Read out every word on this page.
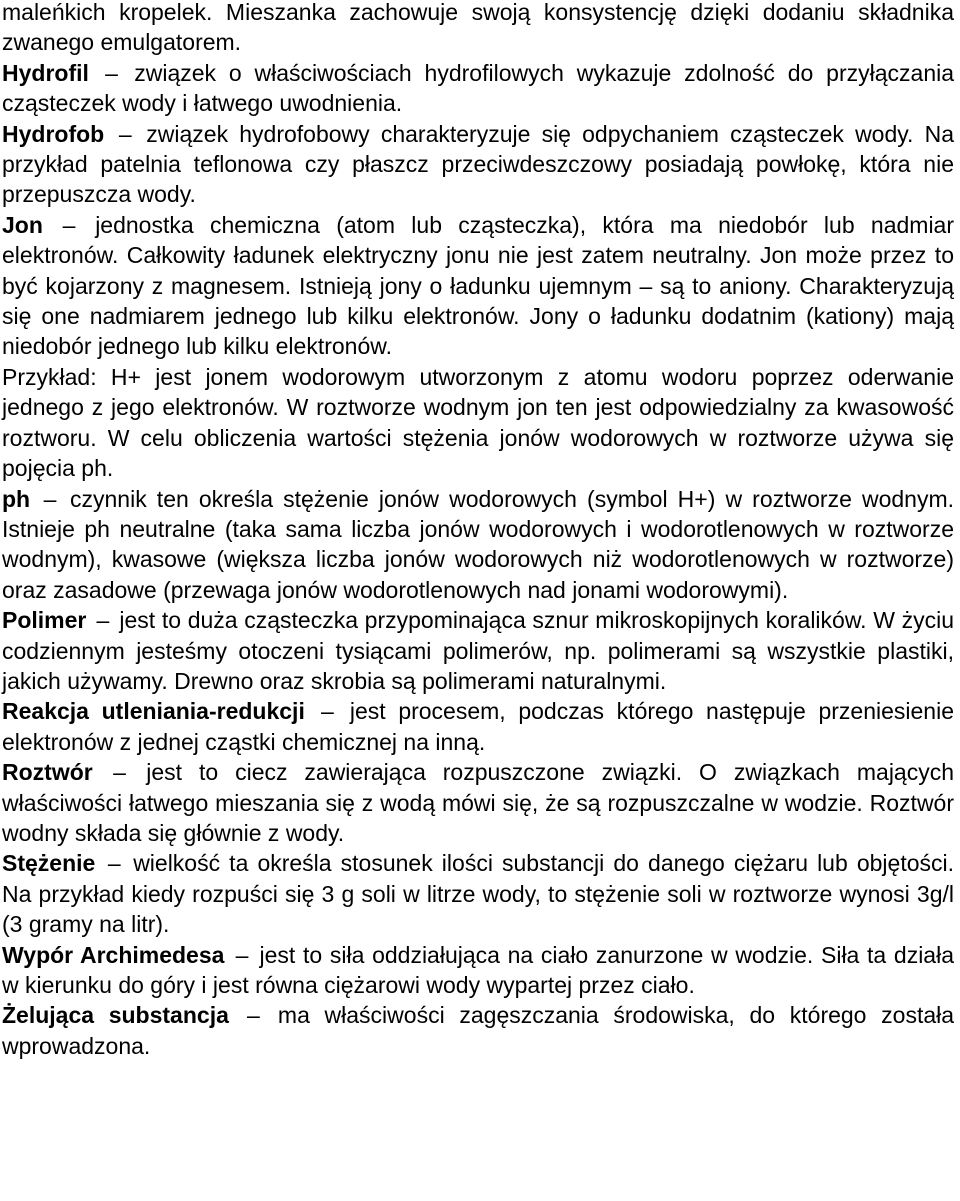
maleńkich kropelek. Mieszanka zachowuje swoją konsystencję dzięki dodaniu składnika zwanego emulgatorem.

Hydrofil – związek o właściwościach hydrofilowych wykazuje zdolność do przyłączania cząsteczek wody i łatwego uwodnienia.

Hydrofob – związek hydrofobowy charakteryzuje się odpychaniem cząsteczek wody. Na przykład patelnia teflonowa czy płaszcz przeciwdeszczowy posiadają powłokę, która nie przepuszcza wody.

Jon – jednostka chemiczna (atom lub cząsteczka), która ma niedobór lub nadmiar elektronów. Całkowity ładunek elektryczny jonu nie jest zatem neutralny. Jon może przez to być kojarzony z magnesem. Istnieją jony o ładunku ujemnym – są to aniony. Charakteryzują się one nadmiarem jednego lub kilku elektronów. Jony o ładunku dodatnim (kationy) mają niedobór jednego lub kilku elektronów.

Przykład: H+ jest jonem wodorowym utworzonym z atomu wodoru poprzez oderwanie jednego z jego elektronów. W roztworze wodnym jon ten jest odpowiedzialny za kwasowość roztworu. W celu obliczenia wartości stężenia jonów wodorowych w roztworze używa się pojęcia ph.

ph – czynnik ten określa stężenie jonów wodorowych (symbol H+) w roztworze wodnym. Istnieje ph neutralne (taka sama liczba jonów wodorowych i wodorotlenowych w roztworze wodnym), kwasowe (większa liczba jonów wodorowych niż wodorotlenowych w roztworze) oraz zasadowe (przewaga jonów wodorotlenowych nad jonami wodorowymi).

Polimer – jest to duża cząsteczka przypominająca sznur mikroskopijnych koralików. W życiu codziennym jesteśmy otoczeni tysiącami polimerów, np. polimerami są wszystkie plastiki, jakich używamy. Drewno oraz skrobia są polimerami naturalnymi.

Reakcja utleniania-redukcji – jest procesem, podczas którego następuje przeniesienie elektronów z jednej cząstki chemicznej na inną.

Roztwór – jest to ciecz zawierająca rozpuszczone związki. O związkach mających właściwości łatwego mieszania się z wodą mówi się, że są rozpuszczalne w wodzie. Roztwór wodny składa się głównie z wody.

Stężenie – wielkość ta określa stosunek ilości substancji do danego ciężaru lub objętości. Na przykład kiedy rozpuści się 3 g soli w litrze wody, to stężenie soli w roztworze wynosi 3g/l (3 gramy na litr).

Wypór Archimedesa – jest to siła oddziałująca na ciało zanurzone w wodzie. Siła ta działa w kierunku do góry i jest równa ciężarowi wody wypartej przez ciało.

Żelująca substancja – ma właściwości zagęszczania środowiska, do którego została wprowadzona.
